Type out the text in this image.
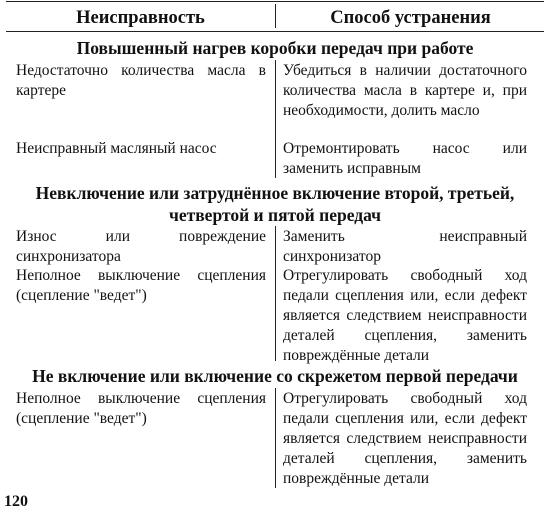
Неисправность	Способ устранения
Повышенный нагрев коробки передач при работе
Недостаточно количества масла в картере
Убедиться в наличии достаточного количества масла в картере и, при необходимости, долить масло
Неисправный масляный насос	Отремонтировать насос или заменить исправным
Невключение или затруднённое включение второй, третьей, четвертой и пятой передач
Износ или повреждение синхронизатора
Заменить неисправный синхронизатор
Неполное выключение сцепления (сцепление "ведет")
Отрегулировать свободный ход педали сцепления или, если дефект является следствием неисправности деталей сцепления, заменить повреждённые детали
Не включение или включение со скрежетом первой передачи
Неполное выключение сцепления (сцепление "ведет")
Отрегулировать свободный ход педали сцепления или, если дефект является следствием неисправности деталей сцепления, заменить повреждённые детали
120
